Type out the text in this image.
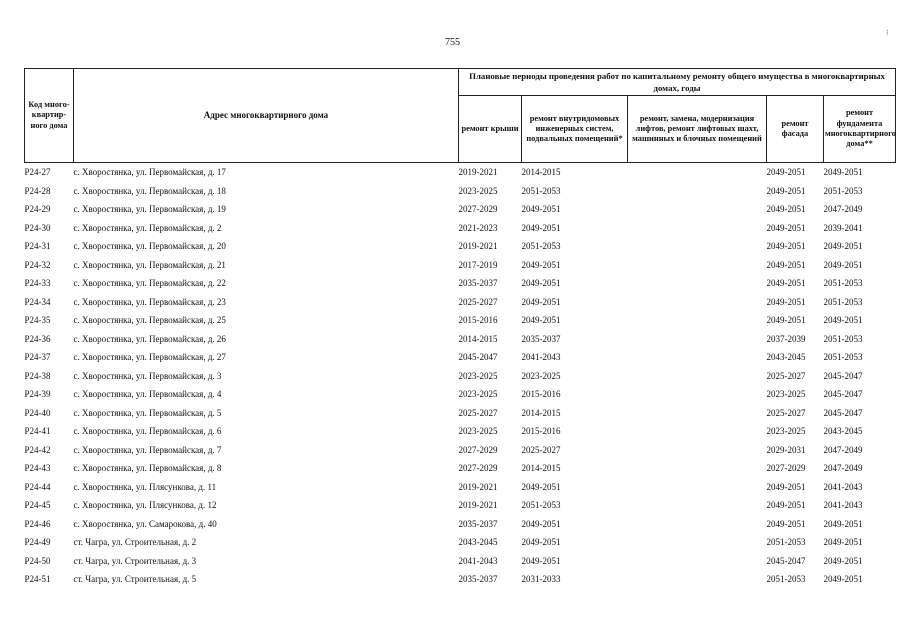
755
Код много-квартир-ного дома	Адрес многоквартирного дома	Плановые периоды проведения работ по капитальному ремонту общего имущества в многоквартирных домах, годы				
		ремонт крыши	ремонт внутридомовых инженерных систем, подвальных помещений*	ремонт, замена, модернизация лифтов, ремонт лифтовых шахт, машинных и блочных помещений	ремонт фасада	ремонт фундамента многоквартирного дома**
P24-27	с. Хворостянка, ул. Первомайская, д. 17	2019-2021	2014-2015		2049-2051	2049-2051
P24-28	с. Хворостянка, ул. Первомайская, д. 18	2023-2025	2051-2053		2049-2051	2051-2053
P24-29	с. Хворостянка, ул. Первомайская, д. 19	2027-2029	2049-2051		2049-2051	2047-2049
P24-30	с. Хворостянка, ул. Первомайская, д. 2	2021-2023	2049-2051		2049-2051	2039-2041
P24-31	с. Хворостянка, ул. Первомайская, д. 20	2019-2021	2051-2053		2049-2051	2049-2051
P24-32	с. Хворостянка, ул. Первомайская, д. 21	2017-2019	2049-2051		2049-2051	2049-2051
P24-33	с. Хворостянка, ул. Первомайская, д. 22	2035-2037	2049-2051		2049-2051	2051-2053
P24-34	с. Хворостянка, ул. Первомайская, д. 23	2025-2027	2049-2051		2049-2051	2051-2053
P24-35	с. Хворостянка, ул. Первомайская, д. 25	2015-2016	2049-2051		2049-2051	2049-2051
P24-36	с. Хворостянка, ул. Первомайская, д. 26	2014-2015	2035-2037		2037-2039	2051-2053
P24-37	с. Хворостянка, ул. Первомайская, д. 27	2045-2047	2041-2043		2043-2045	2051-2053
P24-38	с. Хворостянка, ул. Первомайская, д. 3	2023-2025	2023-2025		2025-2027	2045-2047
P24-39	с. Хворостянка, ул. Первомайская, д. 4	2023-2025	2015-2016		2023-2025	2045-2047
P24-40	с. Хворостянка, ул. Первомайская, д. 5	2025-2027	2014-2015		2025-2027	2045-2047
P24-41	с. Хворостянка, ул. Первомайская, д. 6	2023-2025	2015-2016		2023-2025	2043-2045
P24-42	с. Хворостянка, ул. Первомайская, д. 7	2027-2029	2025-2027		2029-2031	2047-2049
P24-43	с. Хворостянка, ул. Первомайская, д. 8	2027-2029	2014-2015		2027-2029	2047-2049
P24-44	с. Хворостянка, ул. Плясункова, д. 11	2019-2021	2049-2051		2049-2051	2041-2043
P24-45	с. Хворостянка, ул. Плясункова, д. 12	2019-2021	2051-2053		2049-2051	2041-2043
P24-46	с. Хворостянка, ул. Самарокова, д. 40	2035-2037	2049-2051		2049-2051	2049-2051
P24-49	ст. Чагра, ул. Строительная, д. 2	2043-2045	2049-2051		2051-2053	2049-2051
P24-50	ст. Чагра, ул. Строительная, д. 3	2041-2043	2049-2051		2045-2047	2049-2051
P24-51	ст. Чагра, ул. Строительная, д. 5	2035-2037	2031-2033		2051-2053	2049-2051
⁝
